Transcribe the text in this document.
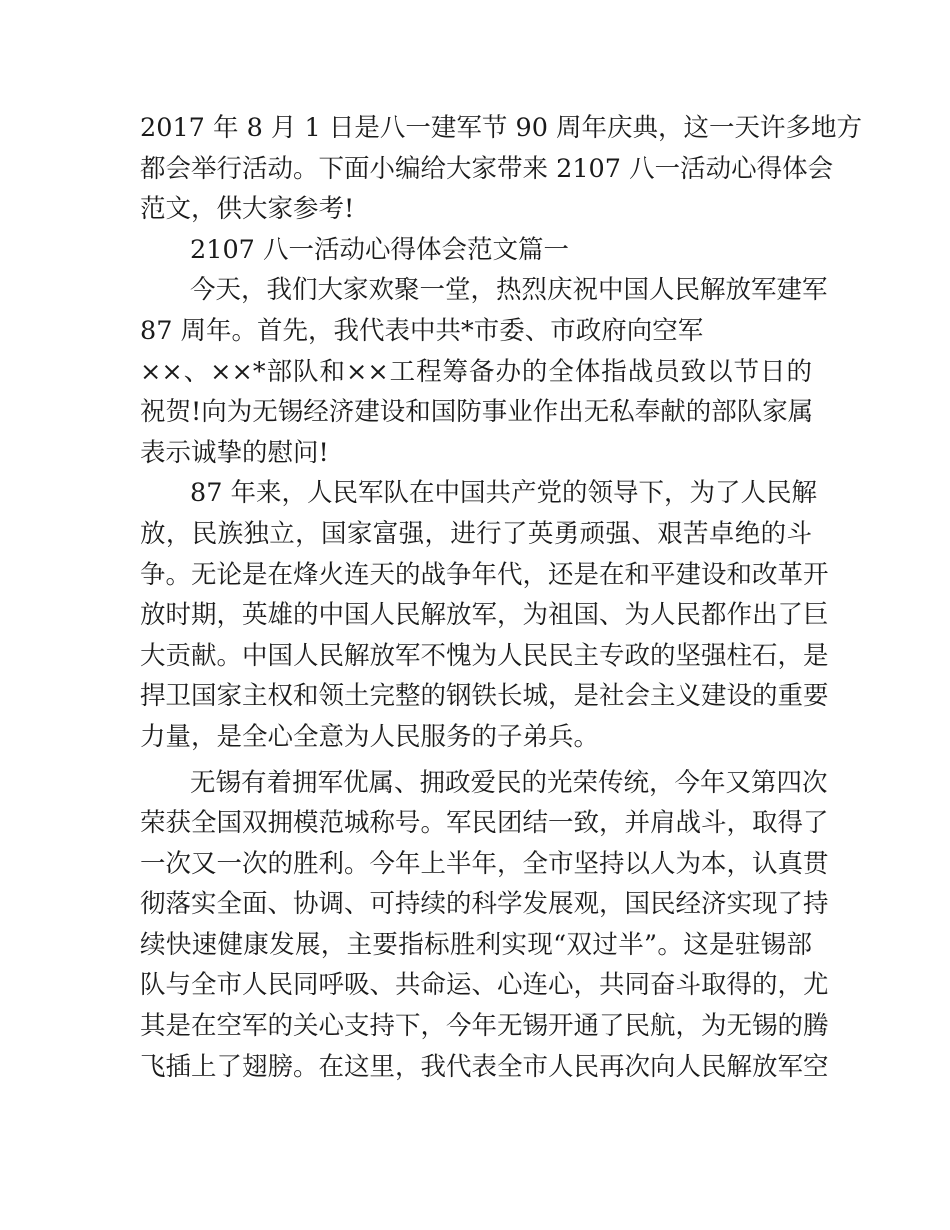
2017 年 8 月 1 日是八一建军节 90 周年庆典，这一天许多地方
都会举行活动。下面小编给大家带来 2107 八一活动心得体会
范文，供大家参考!
2107 八一活动心得体会范文篇一
今天，我们大家欢聚一堂，热烈庆祝中国人民解放军建军
87 周年。首先，我代表中共*市委、市政府向空军
××、××*部队和××工程筹备办的全体指战员致以节日的
祝贺!向为无锡经济建设和国防事业作出无私奉献的部队家属
表示诚挚的慰问!
87 年来，人民军队在中国共产党的领导下，为了人民解
放，民族独立，国家富强，进行了英勇顽强、艰苦卓绝的斗
争。无论是在烽火连天的战争年代，还是在和平建设和改革开
放时期，英雄的中国人民解放军，为祖国、为人民都作出了巨
大贡献。中国人民解放军不愧为人民民主专政的坚强柱石，是
捍卫国家主权和领土完整的钢铁长城，是社会主义建设的重要
力量，是全心全意为人民服务的子弟兵。
无锡有着拥军优属、拥政爱民的光荣传统，今年又第四次
荣获全国双拥模范城称号。军民团结一致，并肩战斗，取得了
一次又一次的胜利。今年上半年，全市坚持以人为本，认真贯
彻落实全面、协调、可持续的科学发展观，国民经济实现了持
续快速健康发展，主要指标胜利实现“双过半”。这是驻锡部
队与全市人民同呼吸、共命运、心连心，共同奋斗取得的，尤
其是在空军的关心支持下，今年无锡开通了民航，为无锡的腾
飞插上了翅膀。在这里，我代表全市人民再次向人民解放军空
